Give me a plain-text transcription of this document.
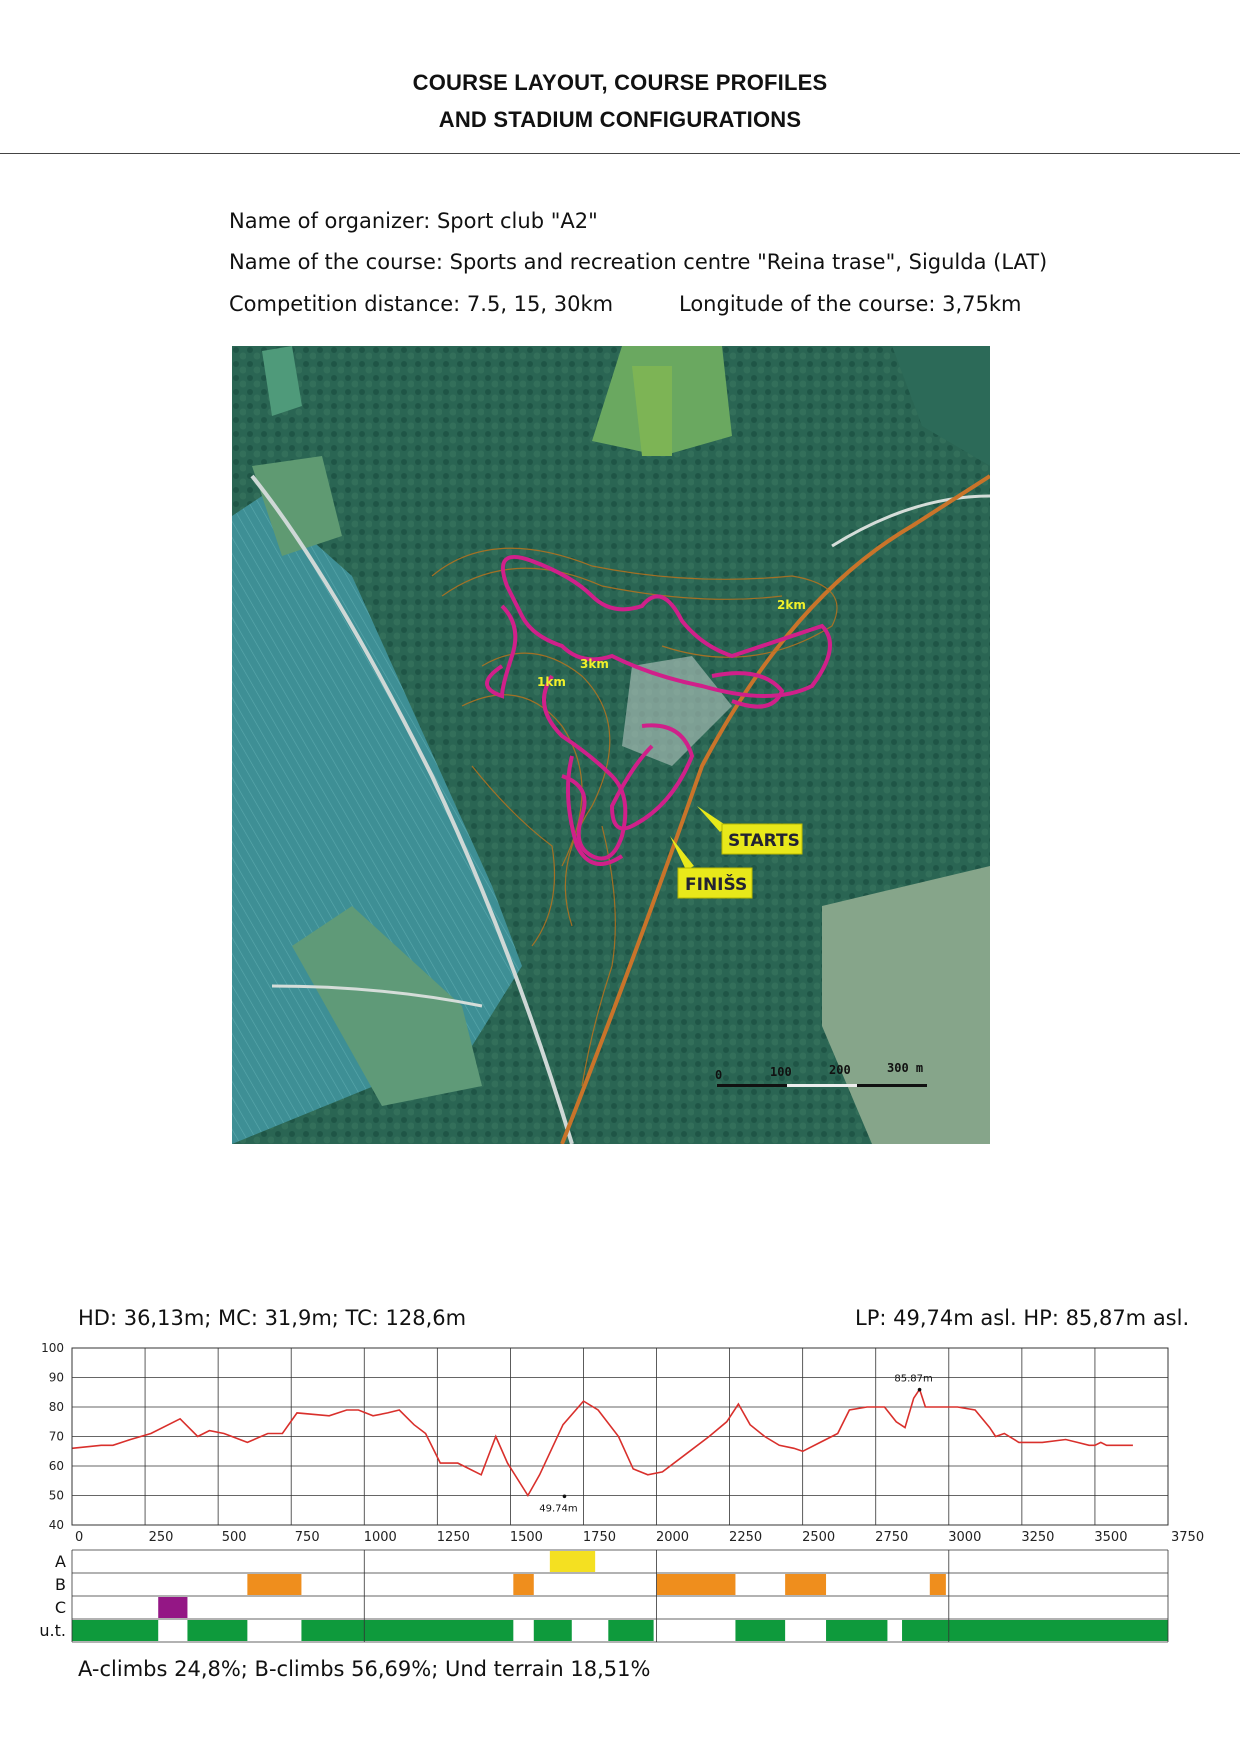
COURSE LAYOUT, COURSE PROFILES
AND STADIUM CONFIGURATIONS
Name of organizer: Sport club "A2"
Name of the course: Sports and recreation centre "Reina trase", Sigulda (LAT)
Competition distance: 7.5, 15, 30km	Longitude of the course: 3,75km
1km
2km
3km
STARTS
FINIŠS
0	100	200	300 m
HD: 36,13m; MC: 31,9m; TC: 128,6m	LP: 49,74m asl. HP: 85,87m asl.
40
50
60
70
80
90
100
0	250	500	750	1000	1250	1500	1750	2000	2250	2500	2750	3000	3250	3500	3750
A
B
C
u.t.
85.87m
49.74m
A-climbs 24,8%; B-climbs 56,69%; Und terrain 18,51%
